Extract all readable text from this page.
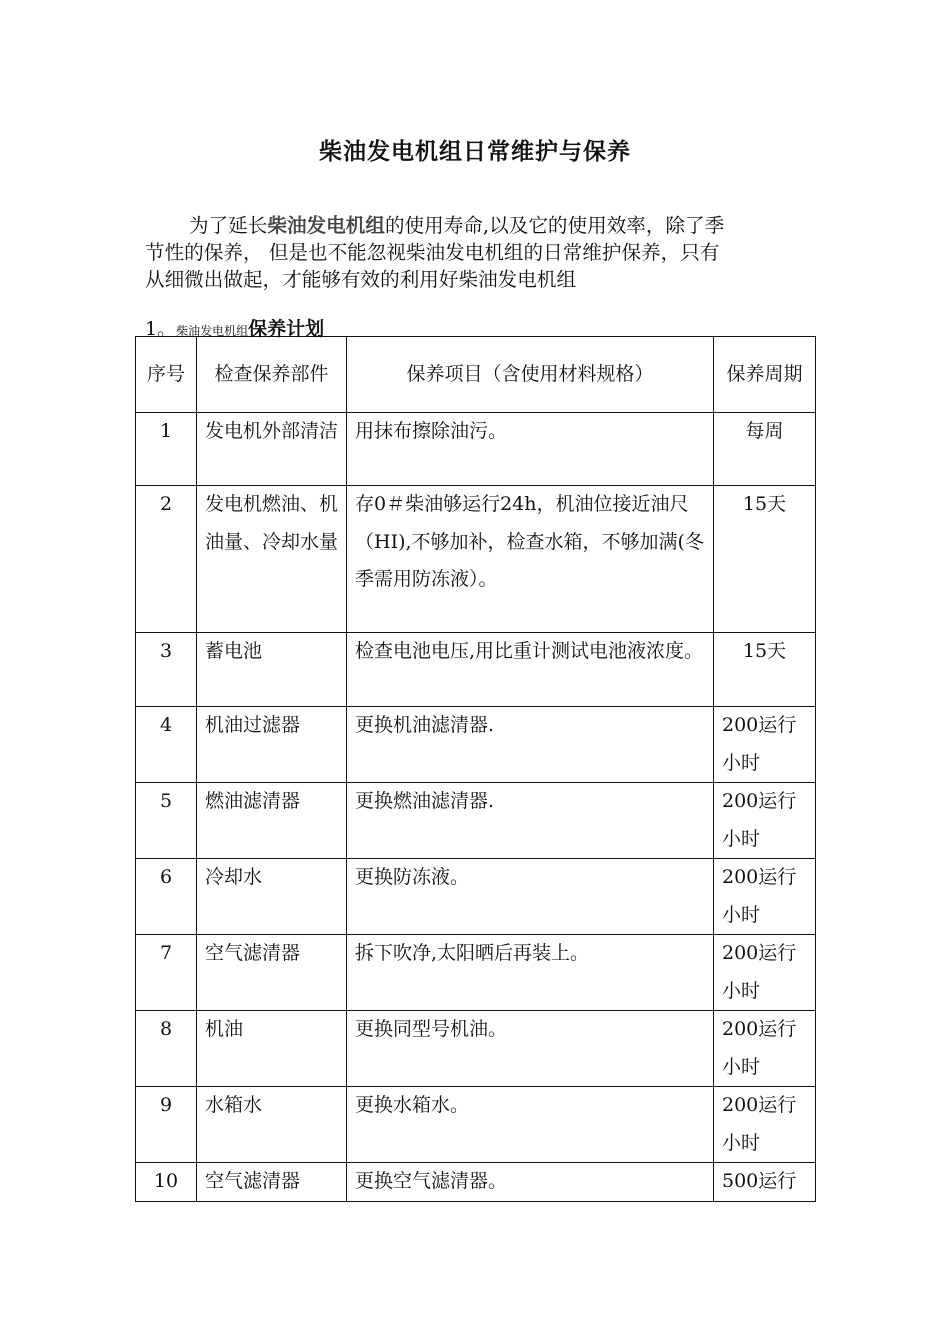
柴油发电机组日常维护与保养

为了延长柴油发电机组的使用寿命,以及它的使用效率，除了季
节性的保养， 但是也不能忽视柴油发电机组的日常维护保养，只有
从细微出做起，才能够有效的利用好柴油发电机组

1。柴油发电机组保养计划
序号	检查保养部件	保养项目（含使用材料规格）	保养周期
1	发电机外部清洁	用抹布擦除油污。	每周
2	发电机燃油、机油量、冷却水量	存0＃柴油够运行24h，机油位接近油尺（HI),不够加补，检查水箱，不够加满(冬季需用防冻液）。	15天
3	蓄电池	检查电池电压,用比重计测试电池液浓度。	15天
4	机油过滤器	更换机油滤清器.	200运行小时
5	燃油滤清器	更换燃油滤清器.	200运行小时
6	冷却水	更换防冻液。	200运行小时
7	空气滤清器	拆下吹净,太阳晒后再装上。	200运行小时
8	机油	更换同型号机油。	200运行小时
9	水箱水	更换水箱水。	200运行小时
10	空气滤清器	更换空气滤清器。	500运行
